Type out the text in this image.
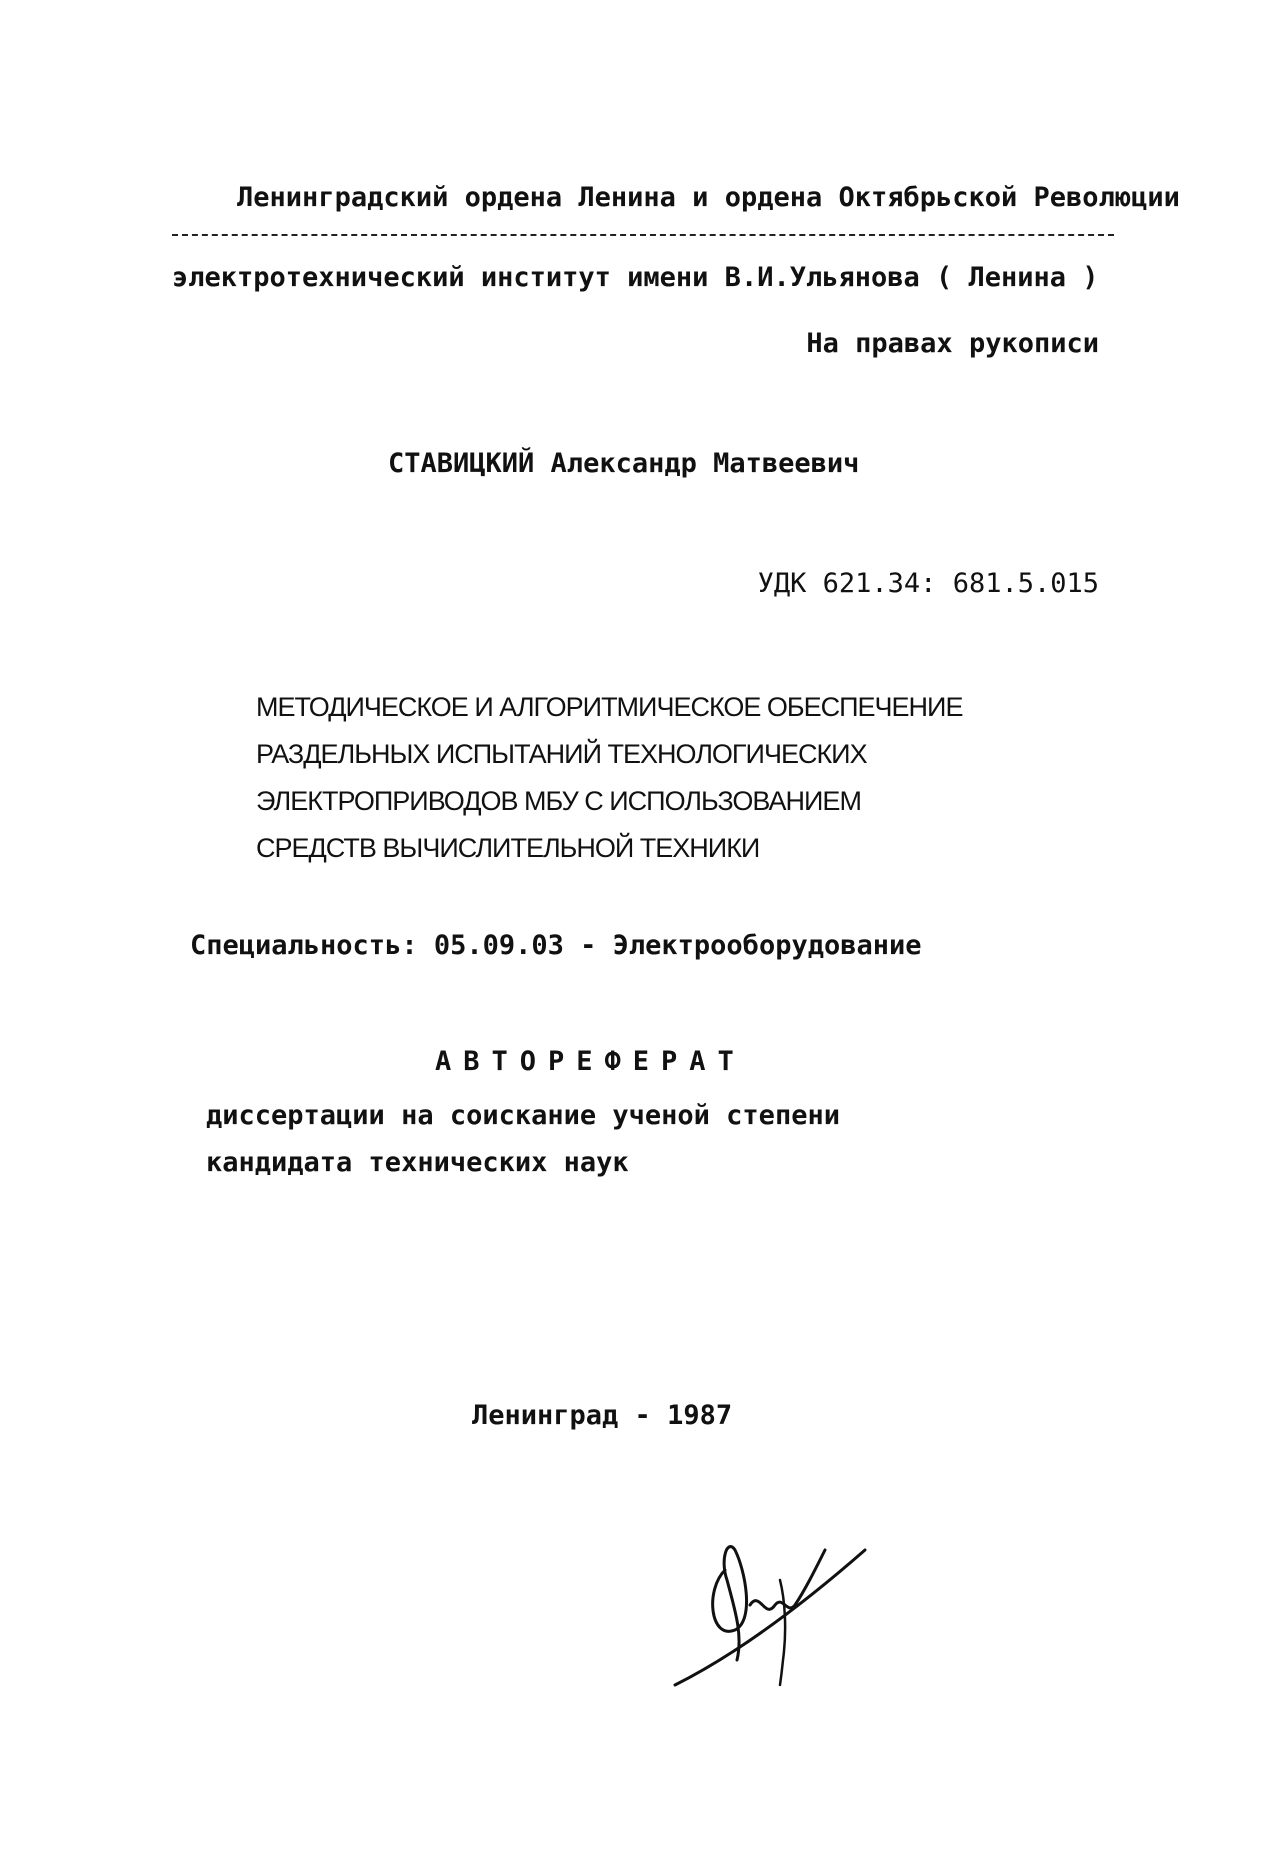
Ленинградский ордена Ленина и ордена Октябрьской Революции

электротехнический институт имени В.И.Ульянова ( Ленина )

На правах рукописи
СТАВИЦКИЙ Александр Матвеевич
УДК 621.34: 681.5.015
МЕТОДИЧЕСКОЕ И АЛГОРИТМИЧЕСКОЕ ОБЕСПЕЧЕНИЕ
РАЗДЕЛЬНЫХ ИСПЫТАНИЙ ТЕХНОЛОГИЧЕСКИХ
ЭЛЕКТРОПРИВОДОВ МБУ С ИСПОЛЬЗОВАНИЕМ
СРЕДСТВ ВЫЧИСЛИТЕЛЬНОЙ ТЕХНИКИ
Специальность: 05.09.03 - Электрооборудование
АВТОРЕФЕРАТ
диссертации на соискание ученой степени
кандидата технических наук
Ленинград - 1987
